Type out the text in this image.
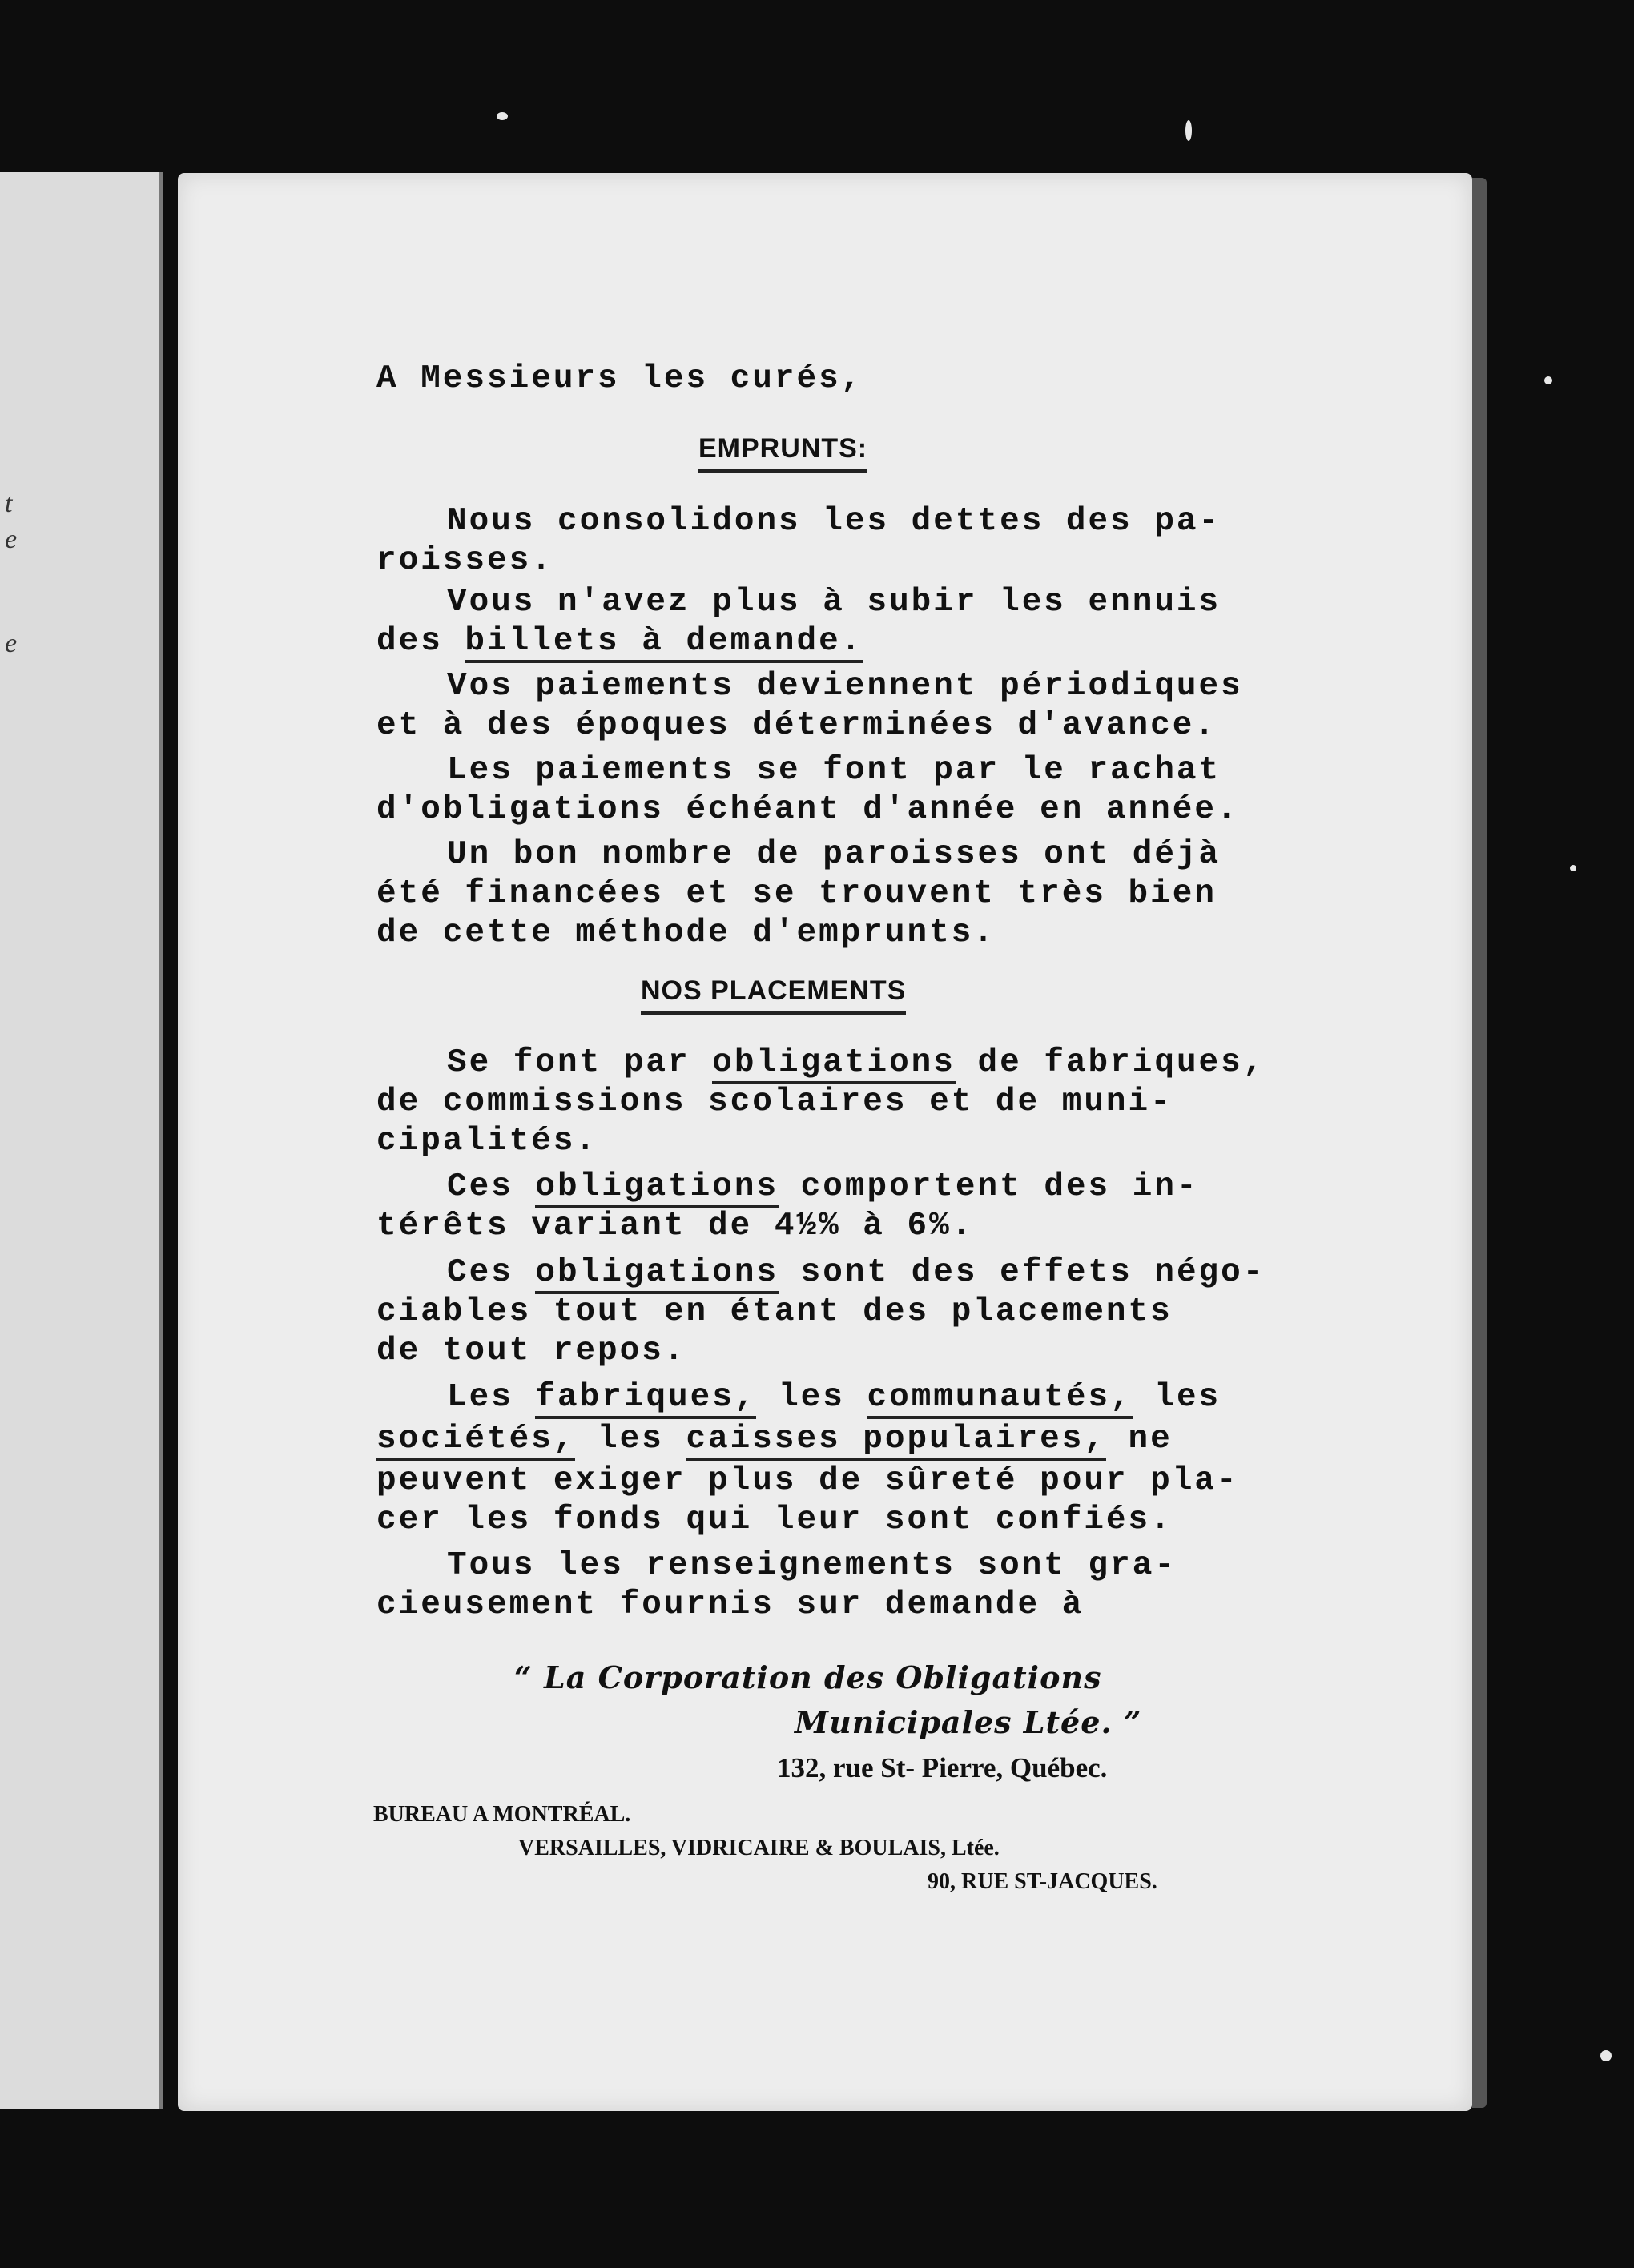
t
e
e
A Messieurs les curés,
EMPRUNTS:
Nous consolidons les dettes des pa-
roisses.
Vous n'avez plus à subir les ennuis
des billets à demande.
Vos paiements deviennent périodiques
et à des époques déterminées d'avance.
Les paiements se font par le rachat
d'obligations échéant d'année en année.
Un bon nombre de paroisses ont déjà
été financées et se trouvent très bien
de cette méthode d'emprunts.
NOS PLACEMENTS
Se font par obligations de fabriques,
de commissions scolaires et de muni-
cipalités.
Ces obligations comportent des in-
térêts variant de 4½% à 6%.
Ces obligations sont des effets négo-
ciables tout en étant des placements
de tout repos.
Les fabriques, les communautés, les
sociétés, les caisses populaires, ne
peuvent exiger plus de sûreté pour pla-
cer les fonds qui leur sont confiés.
Tous les renseignements sont gra-
cieusement fournis sur demande à
“ La Corporation des Obligations
Municipales Ltée. ”
132, rue St- Pierre, Québec.
BUREAU A MONTRÉAL.
VERSAILLES, VIDRICAIRE & BOULAIS, Ltée.
90, RUE ST-JACQUES.
